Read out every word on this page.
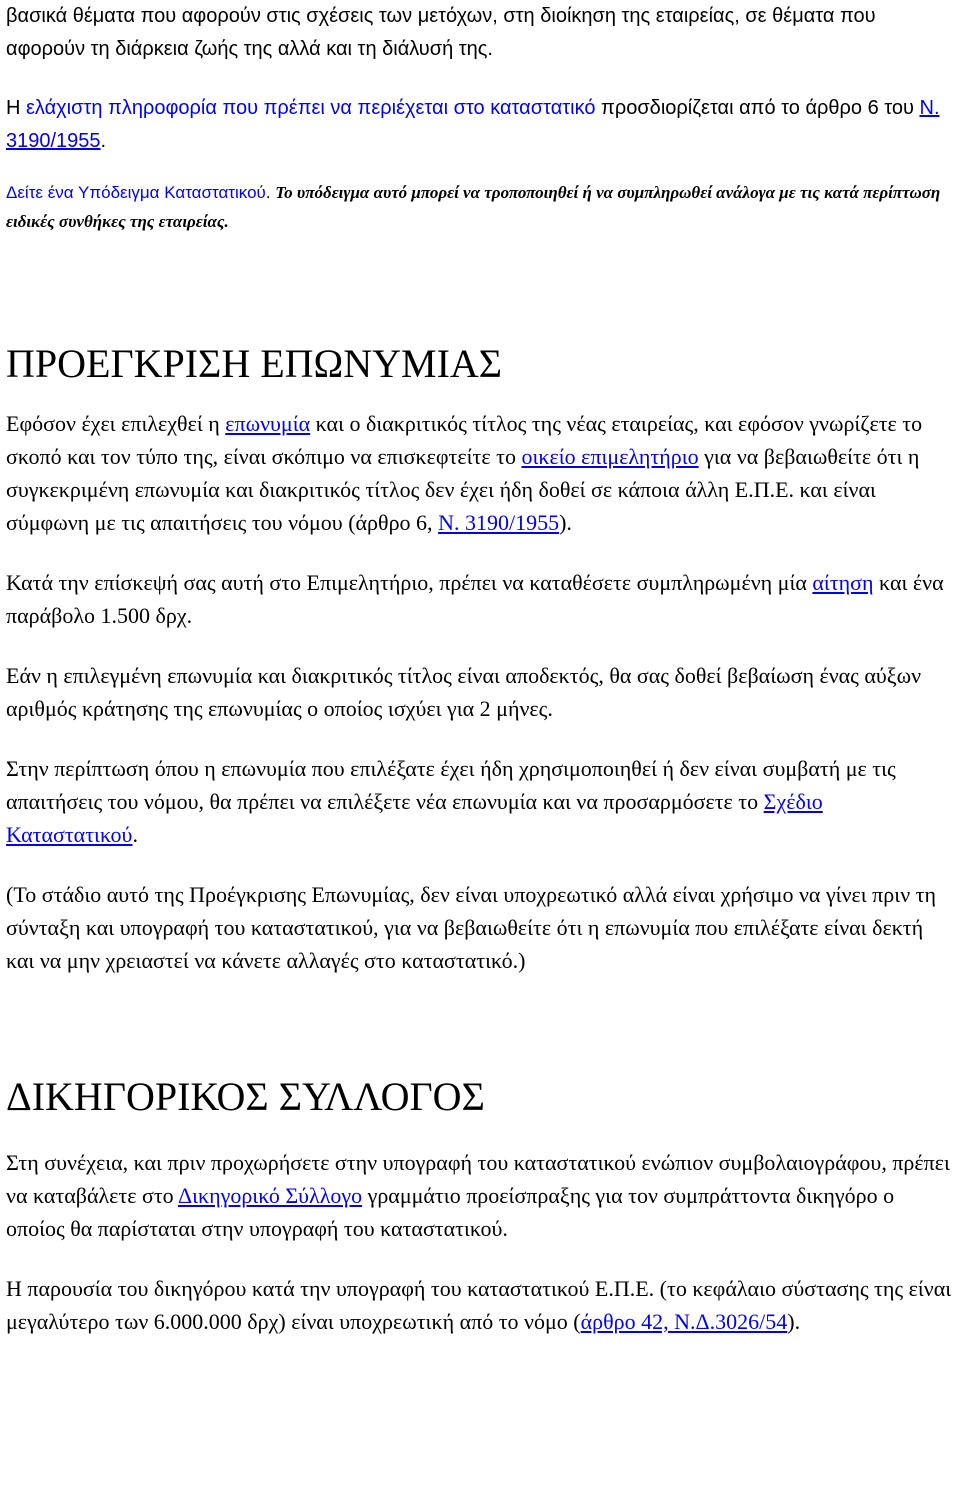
βασικά θέματα που αφορούν στις σχέσεις των μετόχων, στη διοίκηση της εταιρείας, σε θέματα που αφορούν τη διάρκεια ζωής της αλλά και τη διάλυσή της.

Η ελάχιστη πληροφορία που πρέπει να περιέχεται στο καταστατικό προσδιορίζεται από το άρθρο 6 του Ν. 3190/1955.

Δείτε ένα Υπόδειγμα Καταστατικού. Το υπόδειγμα αυτό μπορεί να τροποποιηθεί ή να συμπληρωθεί ανάλογα με τις κατά περίπτωση ειδικές συνθήκες της εταιρείας.

ΠΡΟΕΓΚΡΙΣΗ ΕΠΩΝΥΜΙΑΣ

Εφόσον έχει επιλεχθεί η επωνυμία και ο διακριτικός τίτλος της νέας εταιρείας, και εφόσον γνωρίζετε το σκοπό και τον τύπο της, είναι σκόπιμο να επισκεφτείτε το οικείο επιμελητήριο για να βεβαιωθείτε ότι η συγκεκριμένη επωνυμία και διακριτικός τίτλος δεν έχει ήδη δοθεί σε κάποια άλλη Ε.Π.Ε. και είναι σύμφωνη με τις απαιτήσεις του νόμου (άρθρο 6, Ν. 3190/1955).

Κατά την επίσκεψή σας αυτή στο Επιμελητήριο, πρέπει να καταθέσετε συμπληρωμένη μία αίτηση και ένα παράβολο 1.500 δρχ.

Εάν η επιλεγμένη επωνυμία και διακριτικός τίτλος είναι αποδεκτός, θα σας δοθεί βεβαίωση ένας αύξων αριθμός κράτησης της επωνυμίας ο οποίος ισχύει για 2 μήνες.

Στην περίπτωση όπου η επωνυμία που επιλέξατε έχει ήδη χρησιμοποιηθεί ή δεν είναι συμβατή με τις απαιτήσεις του νόμου, θα πρέπει να επιλέξετε νέα επωνυμία και να προσαρμόσετε το Σχέδιο Καταστατικού.

(Το στάδιο αυτό της Προέγκρισης Επωνυμίας, δεν είναι υποχρεωτικό αλλά είναι χρήσιμο να γίνει πριν τη σύνταξη και υπογραφή του καταστατικού, για να βεβαιωθείτε ότι η επωνυμία που επιλέξατε είναι δεκτή και να μην χρειαστεί να κάνετε αλλαγές στο καταστατικό.)

ΔΙΚΗΓΟΡΙΚΟΣ ΣΥΛΛΟΓΟΣ

Στη συνέχεια, και πριν προχωρήσετε στην υπογραφή του καταστατικού ενώπιον συμβολαιογράφου, πρέπει να καταβάλετε στο Δικηγορικό Σύλλογο γραμμάτιο προείσπραξης για τον συμπράττοντα δικηγόρο ο οποίος θα παρίσταται στην υπογραφή του καταστατικού.

Η παρουσία του δικηγόρου κατά την υπογραφή του καταστατικού Ε.Π.Ε. (το κεφάλαιο σύστασης της είναι μεγαλύτερο των 6.000.000 δρχ) είναι υποχρεωτική από το νόμο (άρθρο 42, Ν.Δ.3026/54).
